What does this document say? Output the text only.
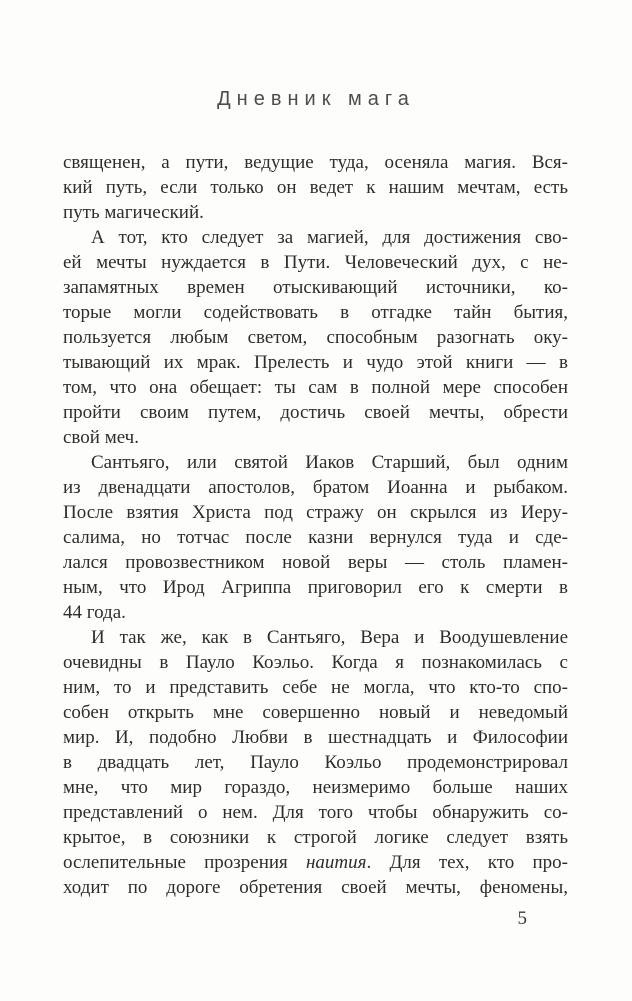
Дневник мага
священен, а пути, ведущие туда, осеняла магия. Вся-
кий путь, если только он ведет к нашим мечтам, есть
путь магический.
А тот, кто следует за магией, для достижения сво-
ей мечты нуждается в Пути. Человеческий дух, с не-
запамятных времен отыскивающий источники, ко-
торые могли содействовать в отгадке тайн бытия,
пользуется любым светом, способным разогнать оку-
тывающий их мрак. Прелесть и чудо этой книги — в
том, что она обещает: ты сам в полной мере способен
пройти своим путем, достичь своей мечты, обрести
свой меч.
Сантьяго, или святой Иаков Старший, был одним
из двенадцати апостолов, братом Иоанна и рыбаком.
После взятия Христа под стражу он скрылся из Иеру-
салима, но тотчас после казни вернулся туда и сде-
лался провозвестником новой веры — столь пламен-
ным, что Ирод Агриппа приговорил его к смерти в
44 года.
И так же, как в Сантьяго, Вера и Воодушевление
очевидны в Пауло Коэльо. Когда я познакомилась с
ним, то и представить себе не могла, что кто-то спо-
собен открыть мне совершенно новый и неведомый
мир. И, подобно Любви в шестнадцать и Философии
в двадцать лет, Пауло Коэльо продемонстрировал
мне, что мир гораздо, неизмеримо больше наших
представлений о нем. Для того чтобы обнаружить со-
крытое, в союзники к строгой логике следует взять
ослепительные прозрения наития. Для тех, кто про-
ходит по дороге обретения своей мечты, феномены,
5
